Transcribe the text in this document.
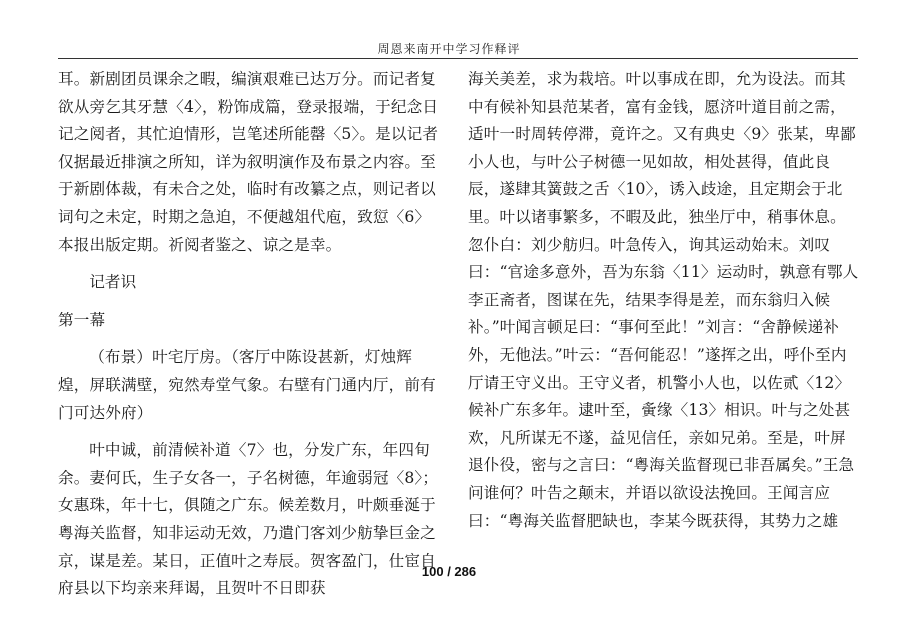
周恩来南开中学习作释评

耳。新剧团员课余之暇，编演艰难已达万分。而记者复欲从旁乞其牙慧〈4〉，粉饰成篇，登录报端，于纪念日记之阅者，其忙迫情形，岂笔述所能罄〈5〉。是以记者仅据最近排演之所知，详为叙明演作及布景之内容。至于新剧体裁，有未合之处，临时有改纂之点，则记者以词句之未定，时期之急迫，不便越俎代庖，致愆〈6〉本报出版定期。祈阅者鉴之、谅之是幸。

记者识

第一幕

（布景）叶宅厅房。（客厅中陈设甚新，灯烛辉煌，屏联满壁，宛然寿堂气象。右壁有门通内厅，前有门可达外府）

叶中诚，前清候补道〈7〉也，分发广东，年四旬余。妻何氏，生子女各一，子名树德，年逾弱冠〈8〉；女惠珠，年十七，俱随之广东。候差数月，叶颇垂涎于粤海关监督，知非运动无效，乃遣门客刘少舫挚巨金之京，谋是差。某日，正值叶之寿辰。贺客盈门，仕宦自府县以下均亲来拜谒，且贺叶不日即获

海关美差，求为栽培。叶以事成在即，允为设法。而其中有候补知县范某者，富有金钱，愿济叶道目前之需，适叶一时周转停滞，竟许之。又有典史〈9〉张某，卑鄙小人也，与叶公子树德一见如故，相处甚得，值此良辰，遂肆其簧鼓之舌〈10〉，诱入歧途，且定期会于北里。叶以诸事繁多，不暇及此，独坐厅中，稍事休息。忽仆白：刘少舫归。叶急传入，询其运动始末。刘叹曰：“官途多意外，吾为东翁〈11〉运动时，孰意有鄂人李正斋者，图谋在先，结果李得是差，而东翁归入候补。”叶闻言顿足曰：“事何至此！”刘言：“舍静候递补外，无他法。”叶云：“吾何能忍！”遂挥之出，呼仆至内厅请王守义出。王守义者，机警小人也，以佐贰〈12〉候补广东多年。逮叶至，夤缘〈13〉相识。叶与之处甚欢，凡所谋无不遂，益见信任，亲如兄弟。至是，叶屏退仆役，密与之言曰：“粤海关监督现已非吾属矣。”王急问谁何？叶告之颠末，并语以欲设法挽回。王闻言应曰：“粤海关监督肥缺也，李某今既获得，其势力之雄

100 / 286
